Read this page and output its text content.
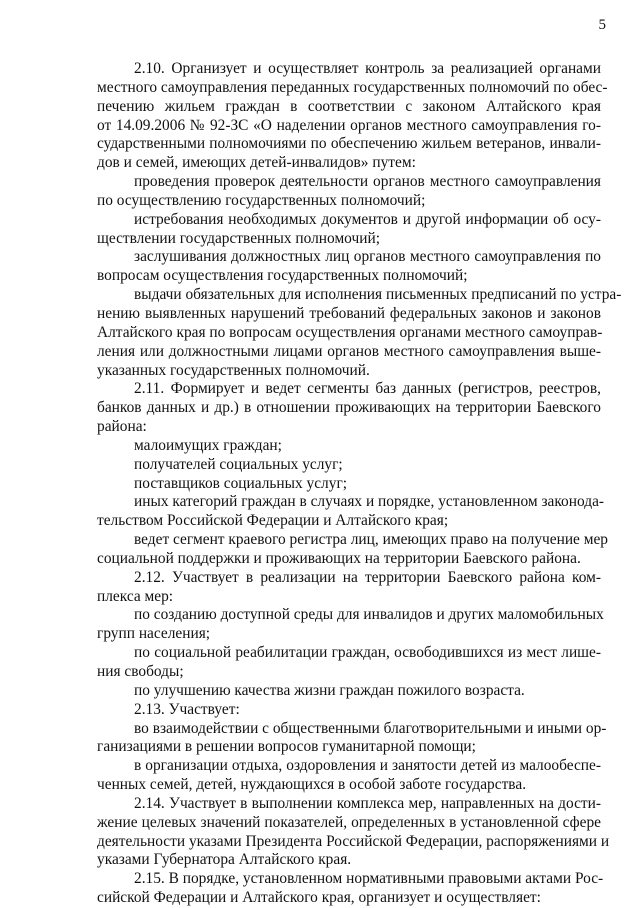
5

2.10. Организует и осуществляет контроль за реализацией органами
местного самоуправления переданных государственных полномочий по обес-
печению жильем граждан в соответствии с законом Алтайского края
от 14.09.2006 № 92-ЗС «О наделении органов местного самоуправления го-
сударственными полномочиями по обеспечению жильем ветеранов, инвали-
дов и семей, имеющих детей-инвалидов» путем:

проведения проверок деятельности органов местного самоуправления
по осуществлению государственных полномочий;

истребования необходимых документов и другой информации об осу-
ществлении государственных полномочий;

заслушивания должностных лиц органов местного самоуправления по
вопросам осуществления государственных полномочий;

выдачи обязательных для исполнения письменных предписаний по устра-
нению выявленных нарушений требований федеральных законов и законов
Алтайского края по вопросам осуществления органами местного самоуправ-
ления или должностными лицами органов местного самоуправления выше-
указанных государственных полномочий.

2.11. Формирует и ведет сегменты баз данных (регистров, реестров,
банков данных и др.) в отношении проживающих на территории Баевского
района:

малоимущих граждан;

получателей социальных услуг;

поставщиков социальных услуг;

иных категорий граждан в случаях и порядке, установленном законода-
тельством Российской Федерации и Алтайского края;

ведет сегмент краевого регистра лиц, имеющих право на получение мер
социальной поддержки и проживающих на территории Баевского района.

2.12. Участвует в реализации на территории Баевского района ком-
плекса мер:

по созданию доступной среды для инвалидов и других маломобильных
групп населения;

по социальной реабилитации граждан, освободившихся из мест лише-
ния свободы;

по улучшению качества жизни граждан пожилого возраста.

2.13. Участвует:

во взаимодействии с общественными благотворительными и иными ор-
ганизациями в решении вопросов гуманитарной помощи;

в организации отдыха, оздоровления и занятости детей из малообеспе-
ченных семей, детей, нуждающихся в особой заботе государства.

2.14. Участвует в выполнении комплекса мер, направленных на дости-
жение целевых значений показателей, определенных в установленной сфере
деятельности указами Президента Российской Федерации, распоряжениями и
указами Губернатора Алтайского края.

2.15. В порядке, установленном нормативными правовыми актами Рос-
сийской Федерации и Алтайского края, организует и осуществляет:
